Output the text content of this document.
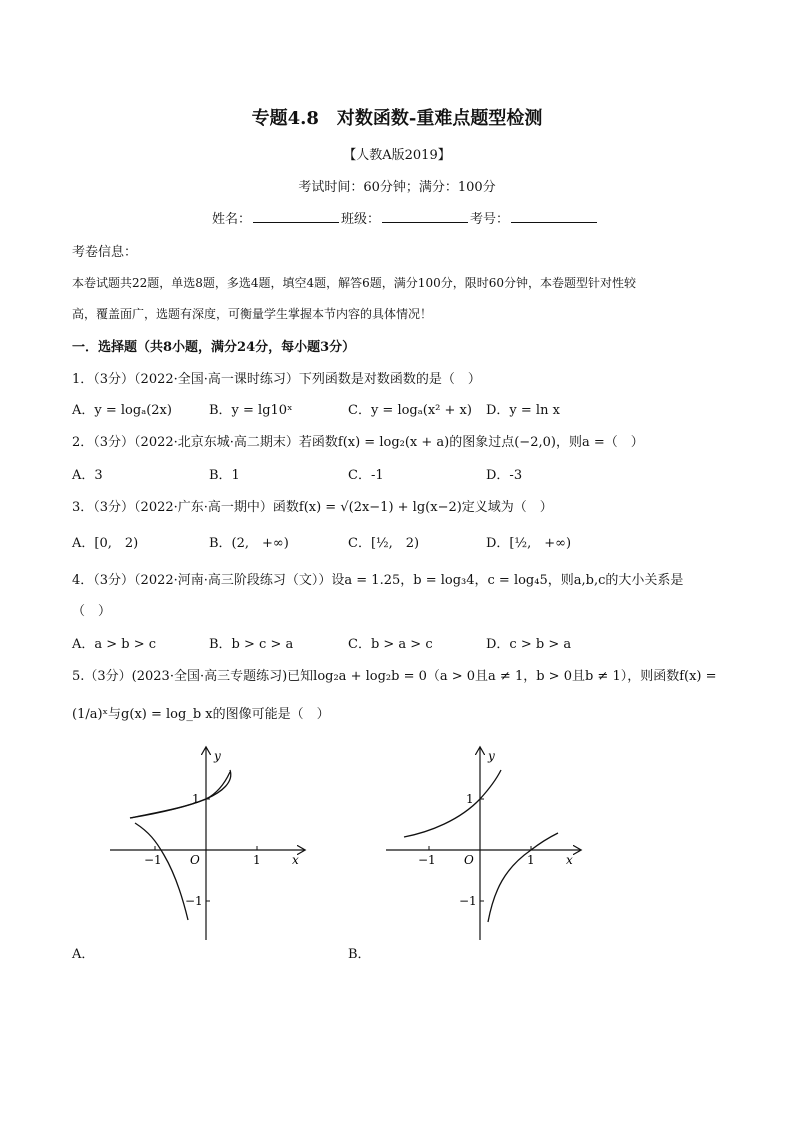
专题4.8　对数函数-重难点题型检测
【人教A版2019】
考试时间：60分钟；满分：100分
姓名：	班级：	考号：
考卷信息：
本卷试题共22题，单选8题，多选4题，填空4题，解答6题，满分100分，限时60分钟，本卷题型针对性较
高，覆盖面广，选题有深度，可衡量学生掌握本节内容的具体情况！
一．选择题（共8小题，满分24分，每小题3分）
1．（3分）（2022·全国·高一课时练习）下列函数是对数函数的是（　）
A．y = logₐ(2x)	B．y = lg10ˣ	C．y = logₐ(x² + x) D．y = ln x
2．（3分）（2022·北京东城·高二期末）若函数f(x) = log₂(x + a)的图象过点(−2,0)，则a =（　）
A．3	B．1	C．-1	D．-3
3．（3分）（2022·广东·高一期中）函数f(x) = √(2x−1) + lg(x−2)定义域为（　）
A．[0,　2)	B．(2,　+∞)	C．[½,　2)	D．[½,　+∞)
4．（3分）（2022·河南·高三阶段练习（文））设a = 1.25，b = log₃4，c = log₄5，则a,b,c的大小关系是
（　）
A．a > b > c	B．b > c > a	C．b > a > c	D．c > b > a
5.（3分）(2023·全国·高三专题练习)已知log₂a + log₂b = 0（a > 0且a ≠ 1，b > 0且b ≠ 1），则函数f(x) =
(1/a)ˣ与g(x) = log_b x的图像可能是（　）
y
x
O	1
−1
1
−1
A．
y
x
O	1
−1
1
−1
B．
